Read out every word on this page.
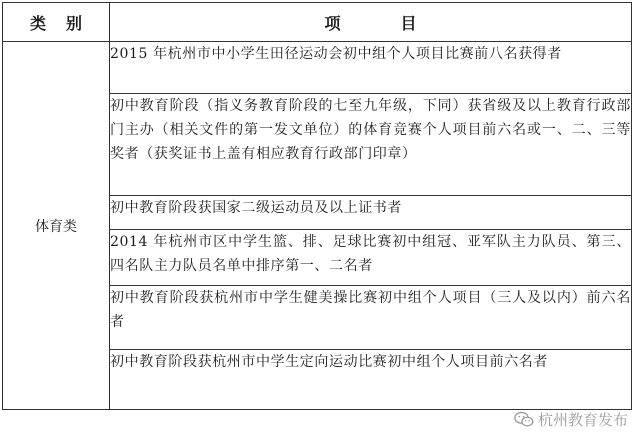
类 别	项 目
体育类	2015 年杭州市中小学生田径运动会初中组个人项目比赛前八名获得者
	初中教育阶段（指义务教育阶段的七至九年级，下同）获省级及以上教育行政部门主办（相关文件的第一发文单位）的体育竞赛个人项目前六名或一、二、三等奖者（获奖证书上盖有相应教育行政部门印章）
	初中教育阶段获国家二级运动员及以上证书者
	2014 年杭州市区中学生篮、排、足球比赛初中组冠、亚军队主力队员、第三、四名队主力队员名单中排序第一、二名者
	初中教育阶段获杭州市中学生健美操比赛初中组个人项目（三人及以内）前六名者
	初中教育阶段获杭州市中学生定向运动比赛初中组个人项目前六名者
杭州教育发布
